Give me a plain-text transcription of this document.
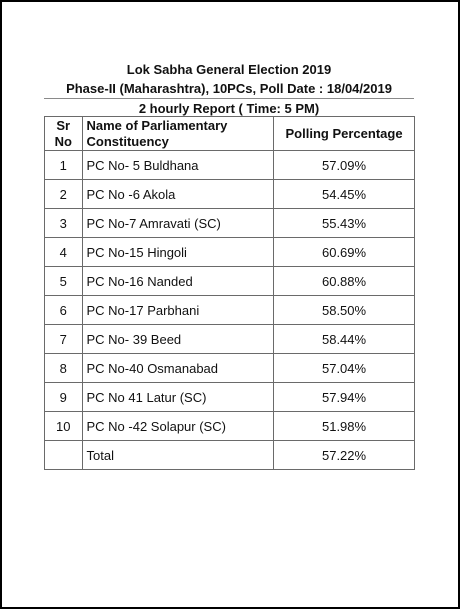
Lok Sabha General Election 2019
Phase-II (Maharashtra), 10PCs, Poll Date : 18/04/2019
2 hourly Report ( Time: 5 PM)
Sr No	Name of Parliamentary Constituency	Polling Percentage
1	PC No- 5 Buldhana	57.09%
2	PC No -6 Akola	54.45%
3	PC No-7 Amravati (SC)	55.43%
4	PC No-15 Hingoli	60.69%
5	PC No-16 Nanded	60.88%
6	PC No-17 Parbhani	58.50%
7	PC No- 39 Beed	58.44%
8	PC No-40 Osmanabad	57.04%
9	PC No 41 Latur (SC)	57.94%
10	PC No -42 Solapur (SC)	51.98%
	Total	57.22%
